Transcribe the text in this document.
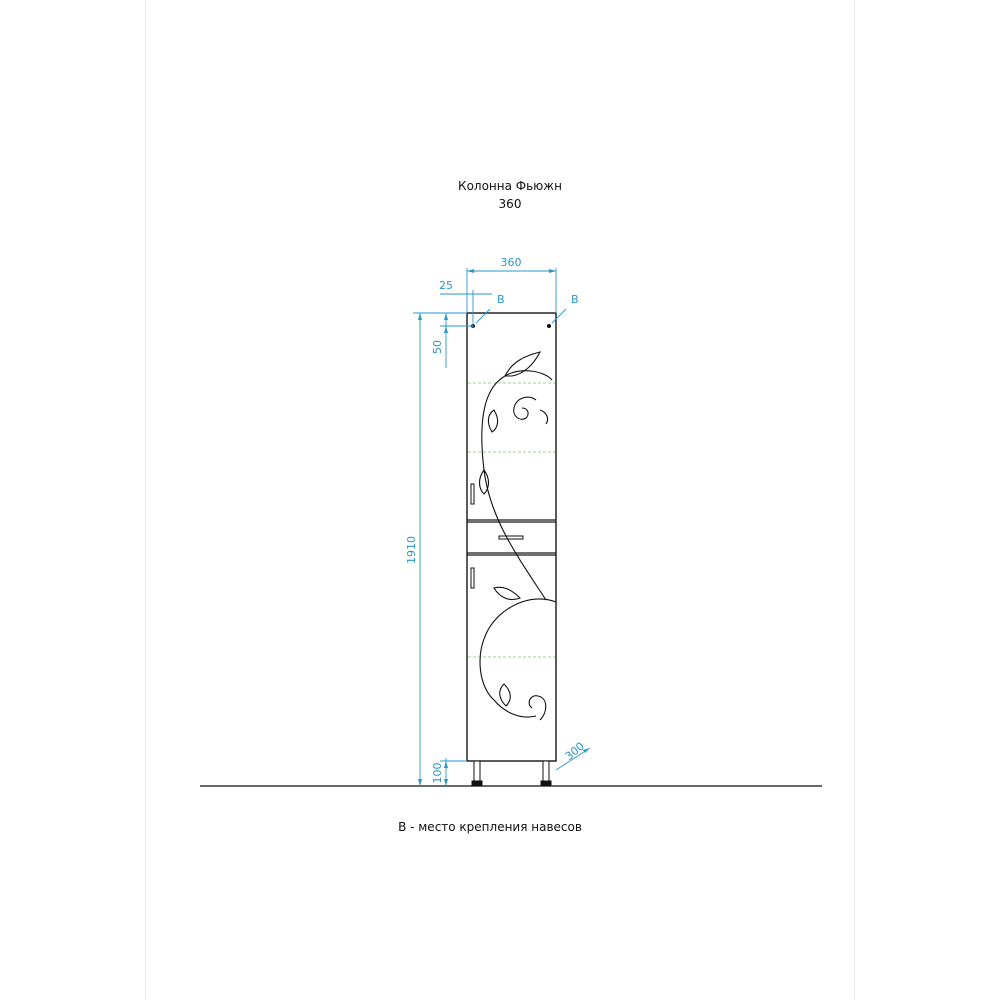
Колонна Фьюжн
360
360
25
В	В
50
1910
100
300
В - место крепления навесов
